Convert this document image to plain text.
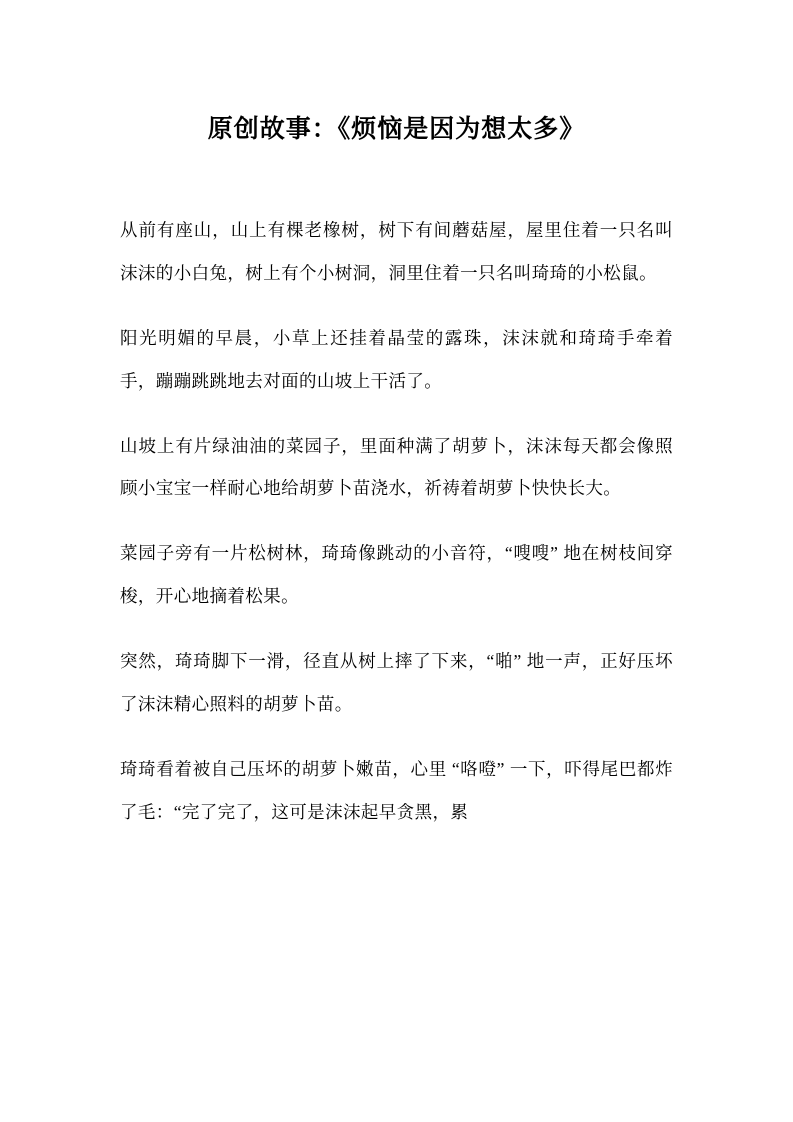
原创故事：《烦恼是因为想太多》

从前有座山，山上有棵老橡树，树下有间蘑菇屋，屋里住着一只名叫沫沫的小白兔，树上有个小树洞，洞里住着一只名叫琦琦的小松鼠。

阳光明媚的早晨，小草上还挂着晶莹的露珠，沫沫就和琦琦手牵着手，蹦蹦跳跳地去对面的山坡上干活了。

山坡上有片绿油油的菜园子，里面种满了胡萝卜，沫沫每天都会像照顾小宝宝一样耐心地给胡萝卜苗浇水，祈祷着胡萝卜快快长大。

菜园子旁有一片松树林，琦琦像跳动的小音符，“嗖嗖” 地在树枝间穿梭，开心地摘着松果。

突然，琦琦脚下一滑，径直从树上摔了下来，“啪” 地一声，正好压坏了沫沫精心照料的胡萝卜苗。

琦琦看着被自己压坏的胡萝卜嫩苗，心里 “咯噔” 一下，吓得尾巴都炸了毛：“完了完了，这可是沫沫起早贪黑，累
